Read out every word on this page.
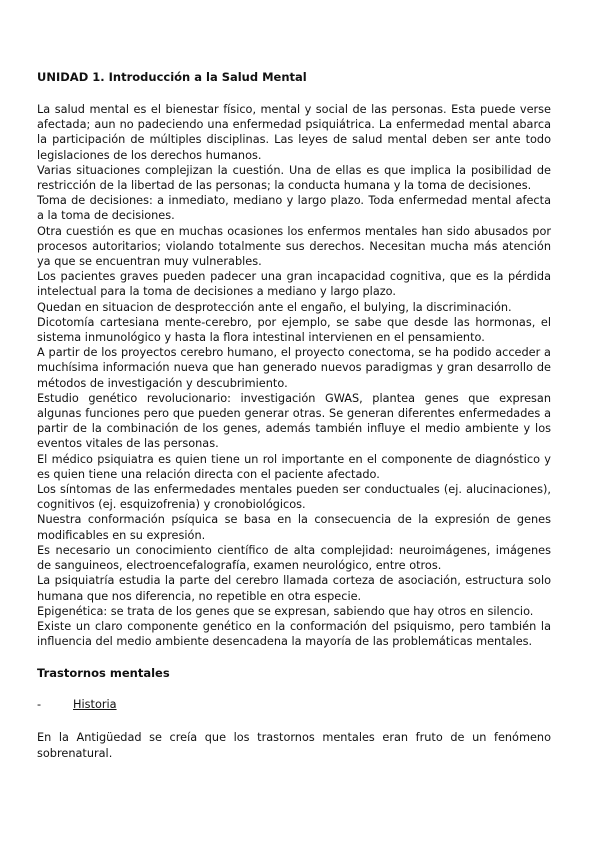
UNIDAD 1. Introducción a la Salud Mental

La salud mental es el bienestar físico, mental y social de las personas. Esta puede verse afectada; aun no padeciendo una enfermedad psiquiátrica. La enfermedad mental abarca la participación de múltiples disciplinas. Las leyes de salud mental deben ser ante todo legislaciones de los derechos humanos.

Varias situaciones complejizan la cuestión. Una de ellas es que implica la posibilidad de restricción de la libertad de las personas; la conducta humana y la toma de decisiones.

Toma de decisiones: a inmediato, mediano y largo plazo. Toda enfermedad mental afecta a la toma de decisiones.

Otra cuestión es que en muchas ocasiones los enfermos mentales han sido abusados por procesos autoritarios; violando totalmente sus derechos. Necesitan mucha más atención ya que se encuentran muy vulnerables.

Los pacientes graves pueden padecer una gran incapacidad cognitiva, que es la pérdida intelectual para la toma de decisiones a mediano y largo plazo.

Quedan en situacion de desprotección ante el engaño, el bulying, la discriminación.

Dicotomía cartesiana mente-cerebro, por ejemplo, se sabe que desde las hormonas, el sistema inmunológico y hasta la flora intestinal intervienen en el pensamiento.

A partir de los proyectos cerebro humano, el proyecto conectoma, se ha podido acceder a muchísima información nueva que han generado nuevos paradigmas y gran desarrollo de métodos de investigación y descubrimiento.

Estudio genético revolucionario: investigación GWAS, plantea genes que expresan algunas funciones pero que pueden generar otras. Se generan diferentes enfermedades a partir de la combinación de los genes, además también influye el medio ambiente y los eventos vitales de las personas.

El médico psiquiatra es quien tiene un rol importante en el componente de diagnóstico y es quien tiene una relación directa con el paciente afectado.

Los síntomas de las enfermedades mentales pueden ser conductuales (ej. alucinaciones), cognitivos (ej. esquizofrenia) y cronobiológicos.

Nuestra conformación psíquica se basa en la consecuencia de la expresión de genes modificables en su expresión.

Es necesario un conocimiento científico de alta complejidad: neuroimágenes, imágenes de sanguineos, electroencefalografía, examen neurológico, entre otros.

La psiquiatría estudia la parte del cerebro llamada corteza de asociación, estructura solo humana que nos diferencia, no repetible en otra especie.

Epigenética: se trata de los genes que se expresan, sabiendo que hay otros en silencio.

Existe un claro componente genético en la conformación del psiquismo, pero también la influencia del medio ambiente desencadena la mayoría de las problemáticas mentales.

Trastornos mentales
-	Historia

En la Antigüedad se creía que los trastornos mentales eran fruto de un fenómeno sobrenatural.
